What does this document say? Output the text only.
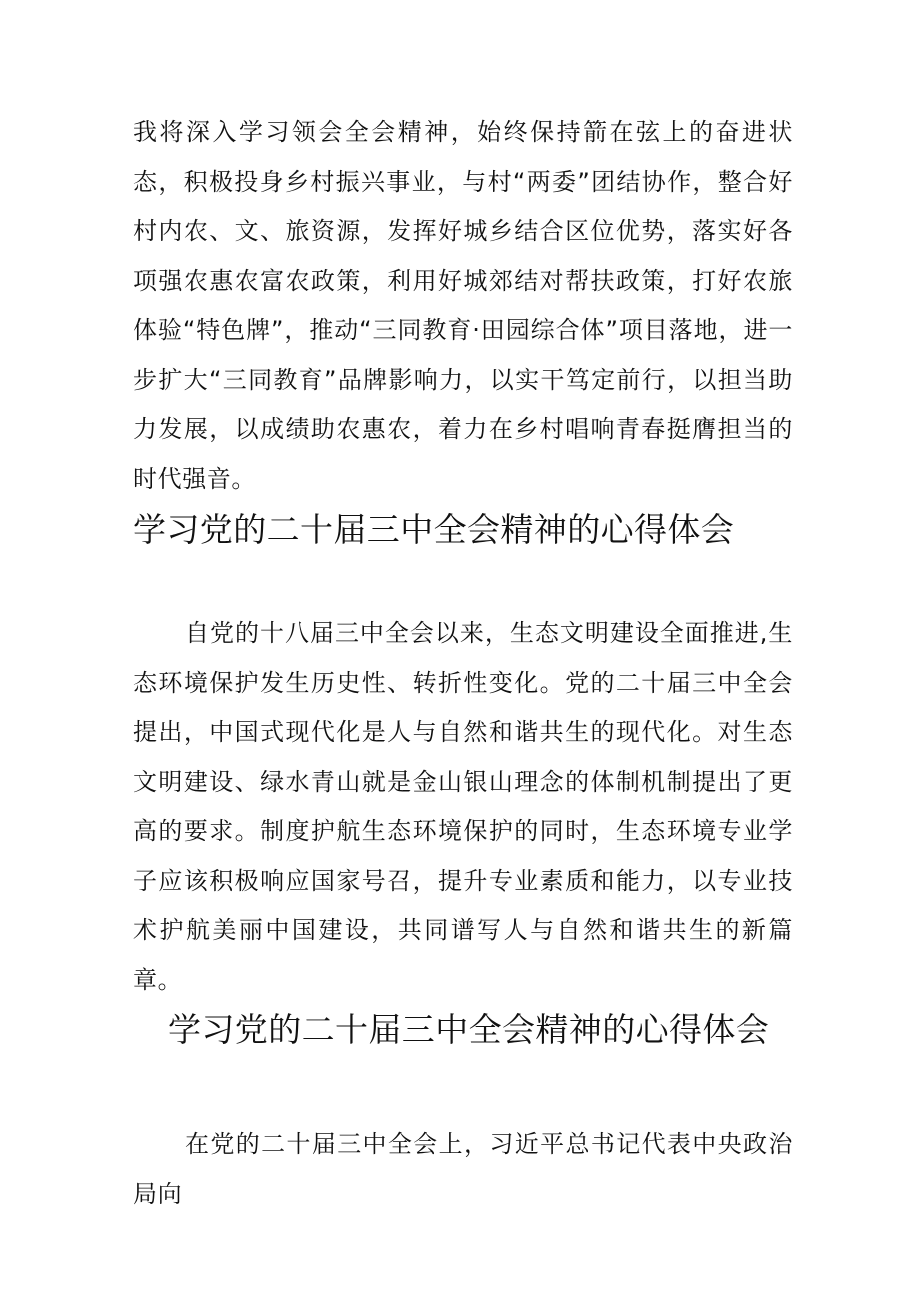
我将深入学习领会全会精神，始终保持箭在弦上的奋进状态，积极投身乡村振兴事业，与村“两委”团结协作，整合好村内农、文、旅资源，发挥好城乡结合区位优势，落实好各项强农惠农富农政策，利用好城郊结对帮扶政策，打好农旅体验“特色牌”，推动“三同教育·田园综合体”项目落地，进一步扩大“三同教育”品牌影响力，以实干笃定前行，以担当助力发展，以成绩助农惠农，着力在乡村唱响青春挺膺担当的时代强音。

学习党的二十届三中全会精神的心得体会

自党的十八届三中全会以来，生态文明建设全面推进,生态环境保护发生历史性、转折性变化。党的二十届三中全会提出，中国式现代化是人与自然和谐共生的现代化。对生态文明建设、绿水青山就是金山银山理念的体制机制提出了更高的要求。制度护航生态环境保护的同时，生态环境专业学子应该积极响应国家号召，提升专业素质和能力，以专业技术护航美丽中国建设，共同谱写人与自然和谐共生的新篇章。

学习党的二十届三中全会精神的心得体会

在党的二十届三中全会上，习近平总书记代表中央政治局向
